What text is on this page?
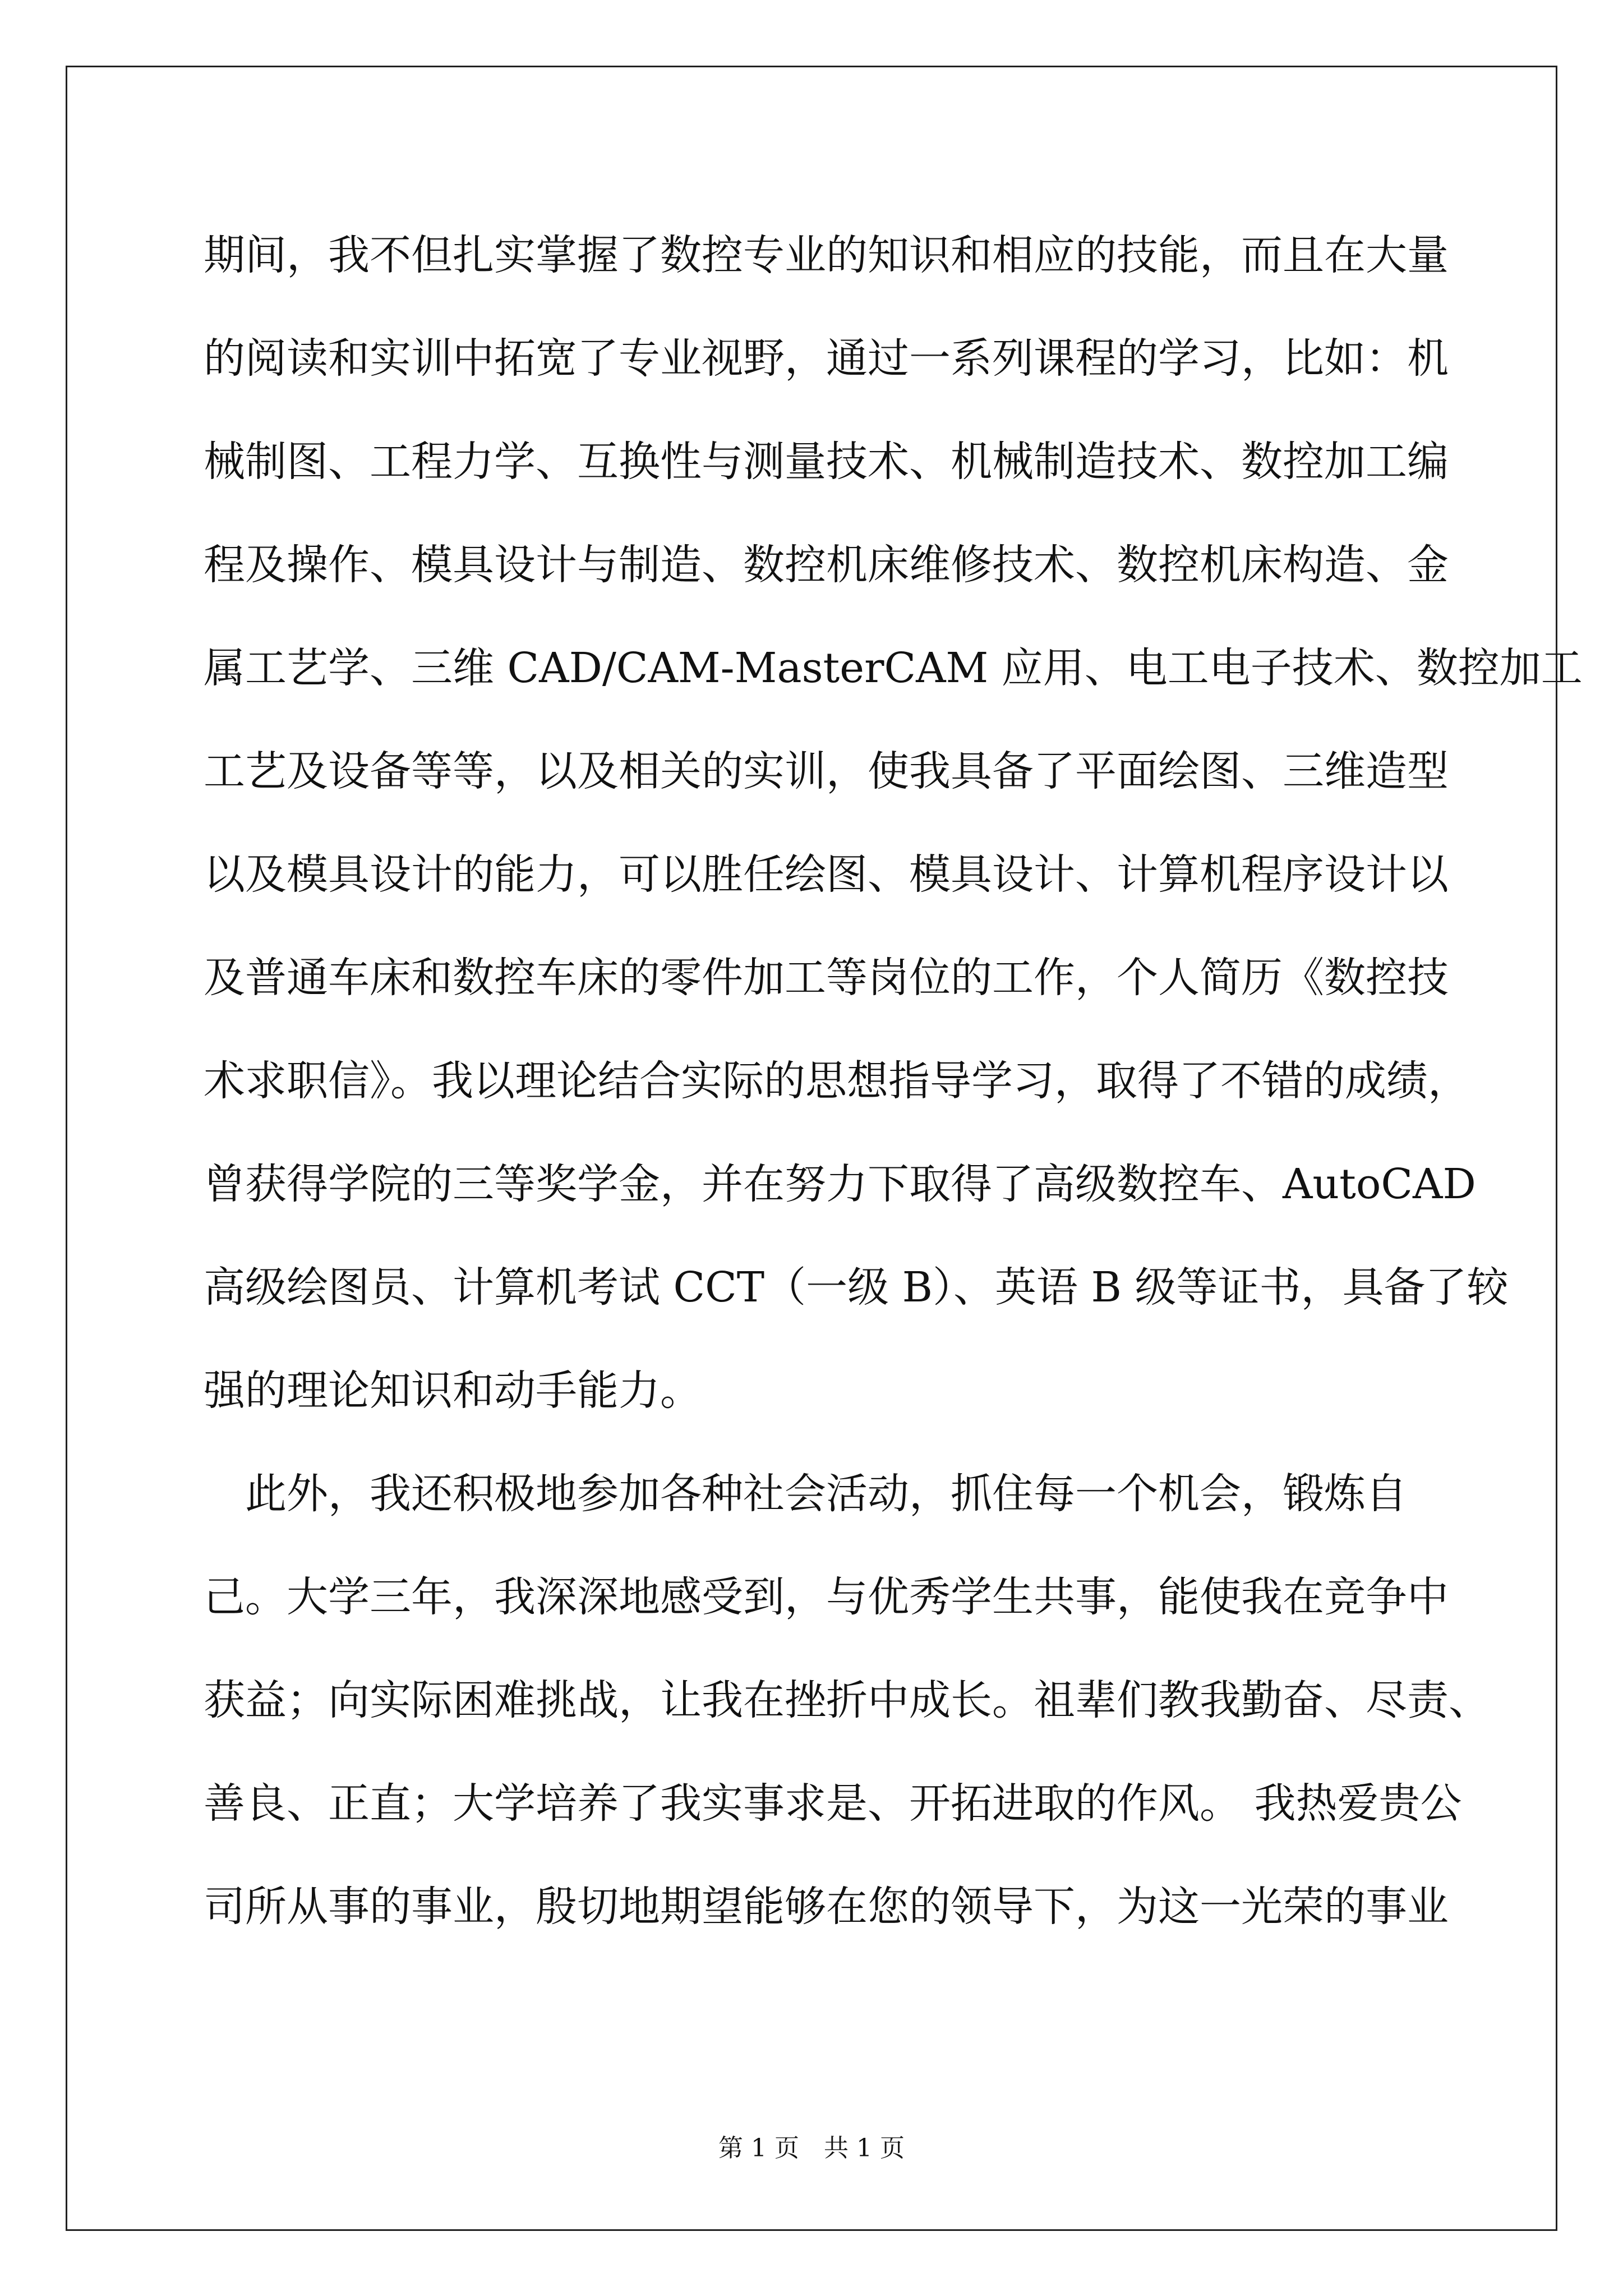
期间，我不但扎实掌握了数控专业的知识和相应的技能，而且在大量
的阅读和实训中拓宽了专业视野，通过一系列课程的学习，比如：机
械制图、工程力学、互换性与测量技术、机械制造技术、数控加工编
程及操作、模具设计与制造、数控机床维修技术、数控机床构造、金
属工艺学、三维 CAD/CAM-MasterCAM 应用、电工电子技术、数控加工
工艺及设备等等，以及相关的实训，使我具备了平面绘图、三维造型
以及模具设计的能力，可以胜任绘图、模具设计、计算机程序设计以
及普通车床和数控车床的零件加工等岗位的工作，个人简历《数控技
术求职信》。我以理论结合实际的思想指导学习，取得了不错的成绩，
曾获得学院的三等奖学金，并在努力下取得了高级数控车、AutoCAD
高级绘图员、计算机考试 CCT（一级 B）、英语 B 级等证书，具备了较
强的理论知识和动手能力。
　此外，我还积极地参加各种社会活动，抓住每一个机会，锻炼自
己。大学三年，我深深地感受到，与优秀学生共事，能使我在竞争中
获益；向实际困难挑战，让我在挫折中成长。祖辈们教我勤奋、尽责、
善良、正直；大学培养了我实事求是、开拓进取的作风。 我热爱贵公
司所从事的事业，殷切地期望能够在您的领导下，为这一光荣的事业
第 1 页　共 1 页
